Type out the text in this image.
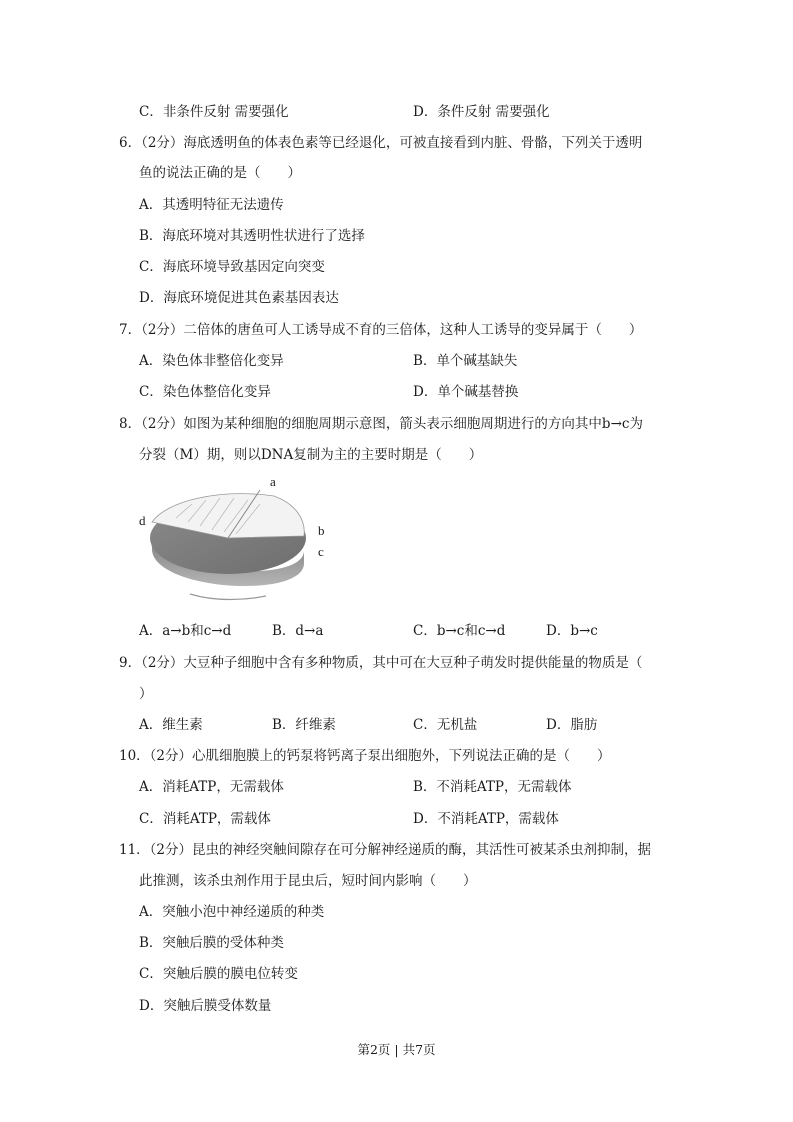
C．非条件反射 需要强化	D．条件反射 需要强化
6．（2分）海底透明鱼的体表色素等已经退化，可被直接看到内脏、骨骼，下列关于透明
鱼的说法正确的是（　　）
A．其透明特征无法遗传
B．海底环境对其透明性状进行了选择
C．海底环境导致基因定向突变
D．海底环境促进其色素基因表达
7．（2分）二倍体的唐鱼可人工诱导成不育的三倍体，这种人工诱导的变异属于（　　）
A．染色体非整倍化变异	B．单个碱基缺失
C．染色体整倍化变异	D．单个碱基替换
8．（2分）如图为某种细胞的细胞周期示意图，箭头表示细胞周期进行的方向其中b→c为
分裂（M）期，则以DNA复制为主的主要时期是（　　）
a
b
c
d
A．a→b和c→d	B．d→a	C．b→c和c→d	D．b→c
9．（2分）大豆种子细胞中含有多种物质，其中可在大豆种子萌发时提供能量的物质是（
）
A．维生素	B．纤维素	C．无机盐	D．脂肪
10．（2分）心肌细胞膜上的钙泵将钙离子泵出细胞外，下列说法正确的是（　　）
A．消耗ATP，无需载体	B．不消耗ATP，无需载体
C．消耗ATP，需载体	D．不消耗ATP，需载体
11．（2分）昆虫的神经突触间隙存在可分解神经递质的酶，其活性可被某杀虫剂抑制，据
此推测，该杀虫剂作用于昆虫后，短时间内影响（　　）
A．突触小泡中神经递质的种类
B．突触后膜的受体种类
C．突触后膜的膜电位转变
D．突触后膜受体数量
第2页 | 共7页
